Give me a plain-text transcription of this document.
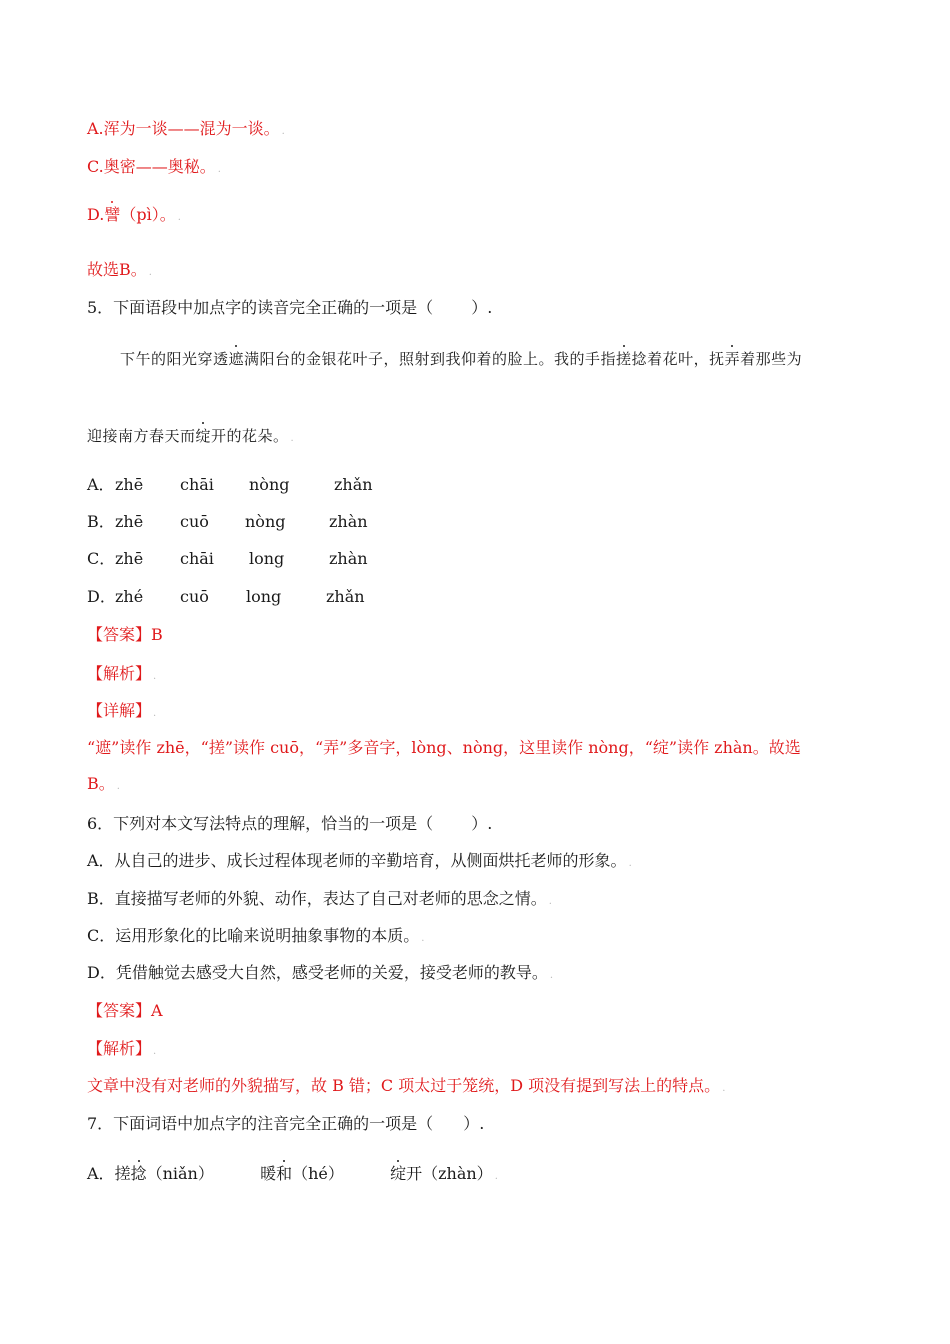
A.浑为一谈——混为一谈。 .
C.奥密——奥秘。 .
D.譬（pì）。 .
故选B。 .
5．下面语段中加点字的读音完全正确的一项是（ ）.
下午的阳光穿透遮满阳台的金银花叶子，照射到我仰着的脸上。我的手指搓捻着花叶，抚弄着那些为
迎接南方春天而绽开的花朵。 .
A． zhē chāi nòng	zhǎn
B． zhē cuō nòng	zhàn
C． zhē chāi long	zhàn
D． zhé cuō long	zhǎn
【答案】B
【解析】 .
【详解】 .
“遮”读作 zhē，“搓”读作 cuō，“弄”多音字，lòng、nòng，这里读作 nòng，“绽”读作 zhàn。故选
B。 .
6．下列对本文写法特点的理解，恰当的一项是（ ）.
A．从自己的进步、成长过程体现老师的辛勤培育，从侧面烘托老师的形象。 .
B．直接描写老师的外貌、动作，表达了自己对老师的思念之情。 .
C．运用形象化的比喻来说明抽象事物的本质。 .
D．凭借触觉去感受大自然，感受老师的关爱，接受老师的教导。 .
【答案】A
【解析】 .
文章中没有对老师的外貌描写，故 B 错；C 项太过于笼统，D 项没有提到写法上的特点。 .
7．下面词语中加点字的注音完全正确的一项是（ ）.
A．搓捻（niǎn）	暖和（hé）	绽开（zhàn） .
